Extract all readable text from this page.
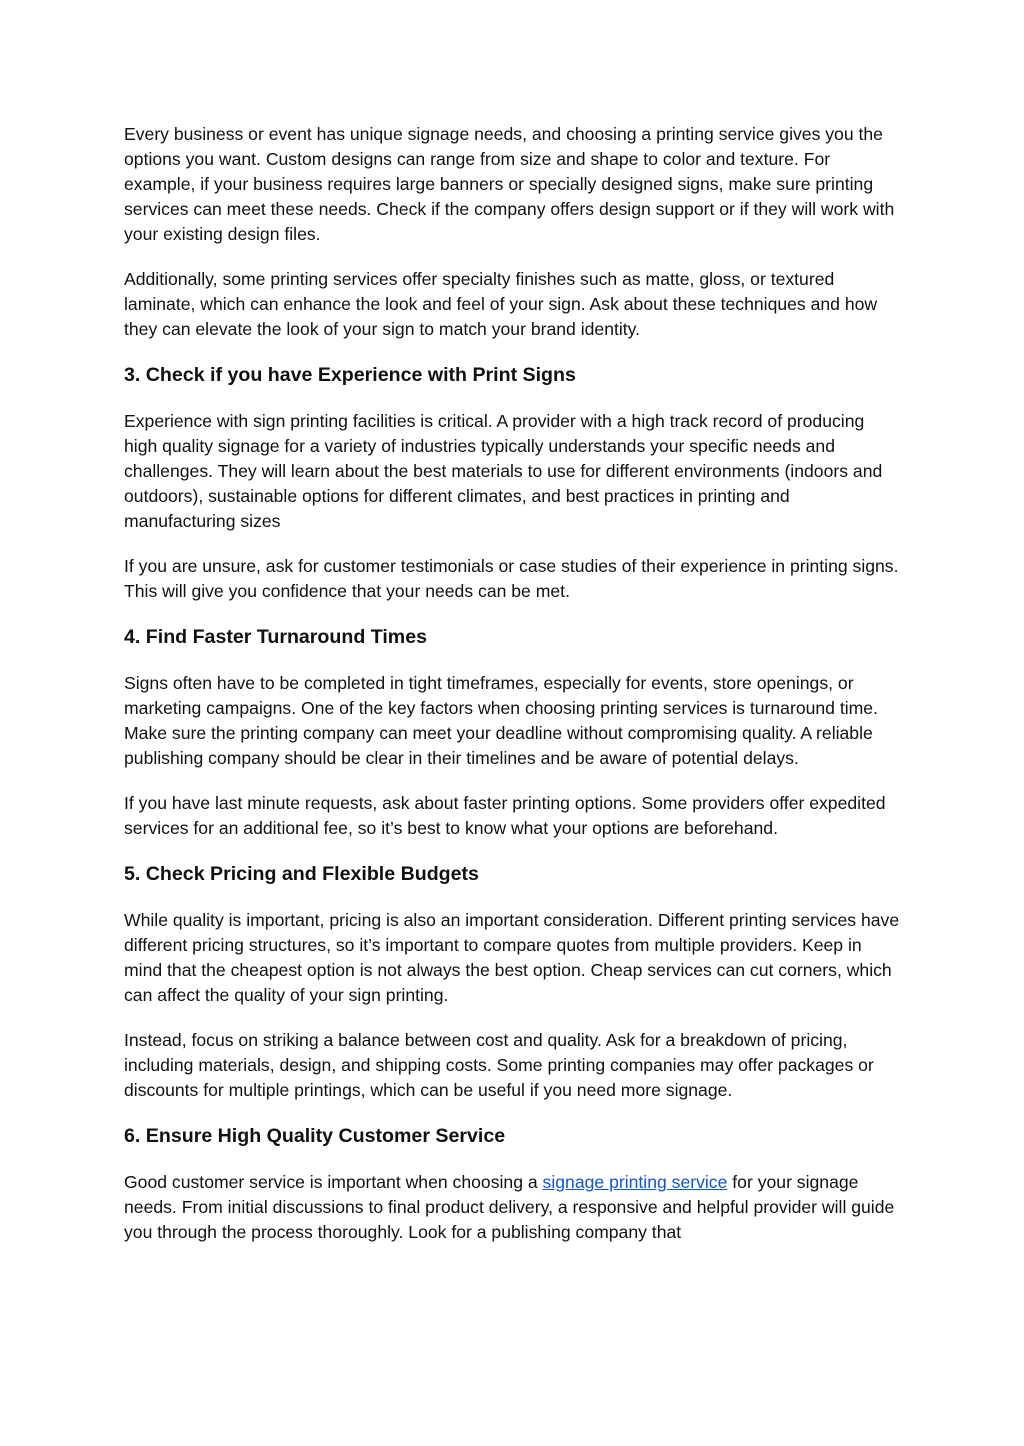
Every business or event has unique signage needs, and choosing a printing service gives you the options you want. Custom designs can range from size and shape to color and texture. For example, if your business requires large banners or specially designed signs, make sure printing services can meet these needs. Check if the company offers design support or if they will work with your existing design files.

Additionally, some printing services offer specialty finishes such as matte, gloss, or textured laminate, which can enhance the look and feel of your sign. Ask about these techniques and how they can elevate the look of your sign to match your brand identity.

3. Check if you have Experience with Print Signs

Experience with sign printing facilities is critical. A provider with a high track record of producing high quality signage for a variety of industries typically understands your specific needs and challenges. They will learn about the best materials to use for different environments (indoors and outdoors), sustainable options for different climates, and best practices in printing and manufacturing sizes

If you are unsure, ask for customer testimonials or case studies of their experience in printing signs. This will give you confidence that your needs can be met.

4. Find Faster Turnaround Times

Signs often have to be completed in tight timeframes, especially for events, store openings, or marketing campaigns. One of the key factors when choosing printing services is turnaround time. Make sure the printing company can meet your deadline without compromising quality. A reliable publishing company should be clear in their timelines and be aware of potential delays.

If you have last minute requests, ask about faster printing options. Some providers offer expedited services for an additional fee, so it’s best to know what your options are beforehand.

5. Check Pricing and Flexible Budgets

While quality is important, pricing is also an important consideration. Different printing services have different pricing structures, so it’s important to compare quotes from multiple providers. Keep in mind that the cheapest option is not always the best option. Cheap services can cut corners, which can affect the quality of your sign printing.

Instead, focus on striking a balance between cost and quality. Ask for a breakdown of pricing, including materials, design, and shipping costs. Some printing companies may offer packages or discounts for multiple printings, which can be useful if you need more signage.

6. Ensure High Quality Customer Service

Good customer service is important when choosing a signage printing service for your signage needs. From initial discussions to final product delivery, a responsive and helpful provider will guide you through the process thoroughly. Look for a publishing company that
